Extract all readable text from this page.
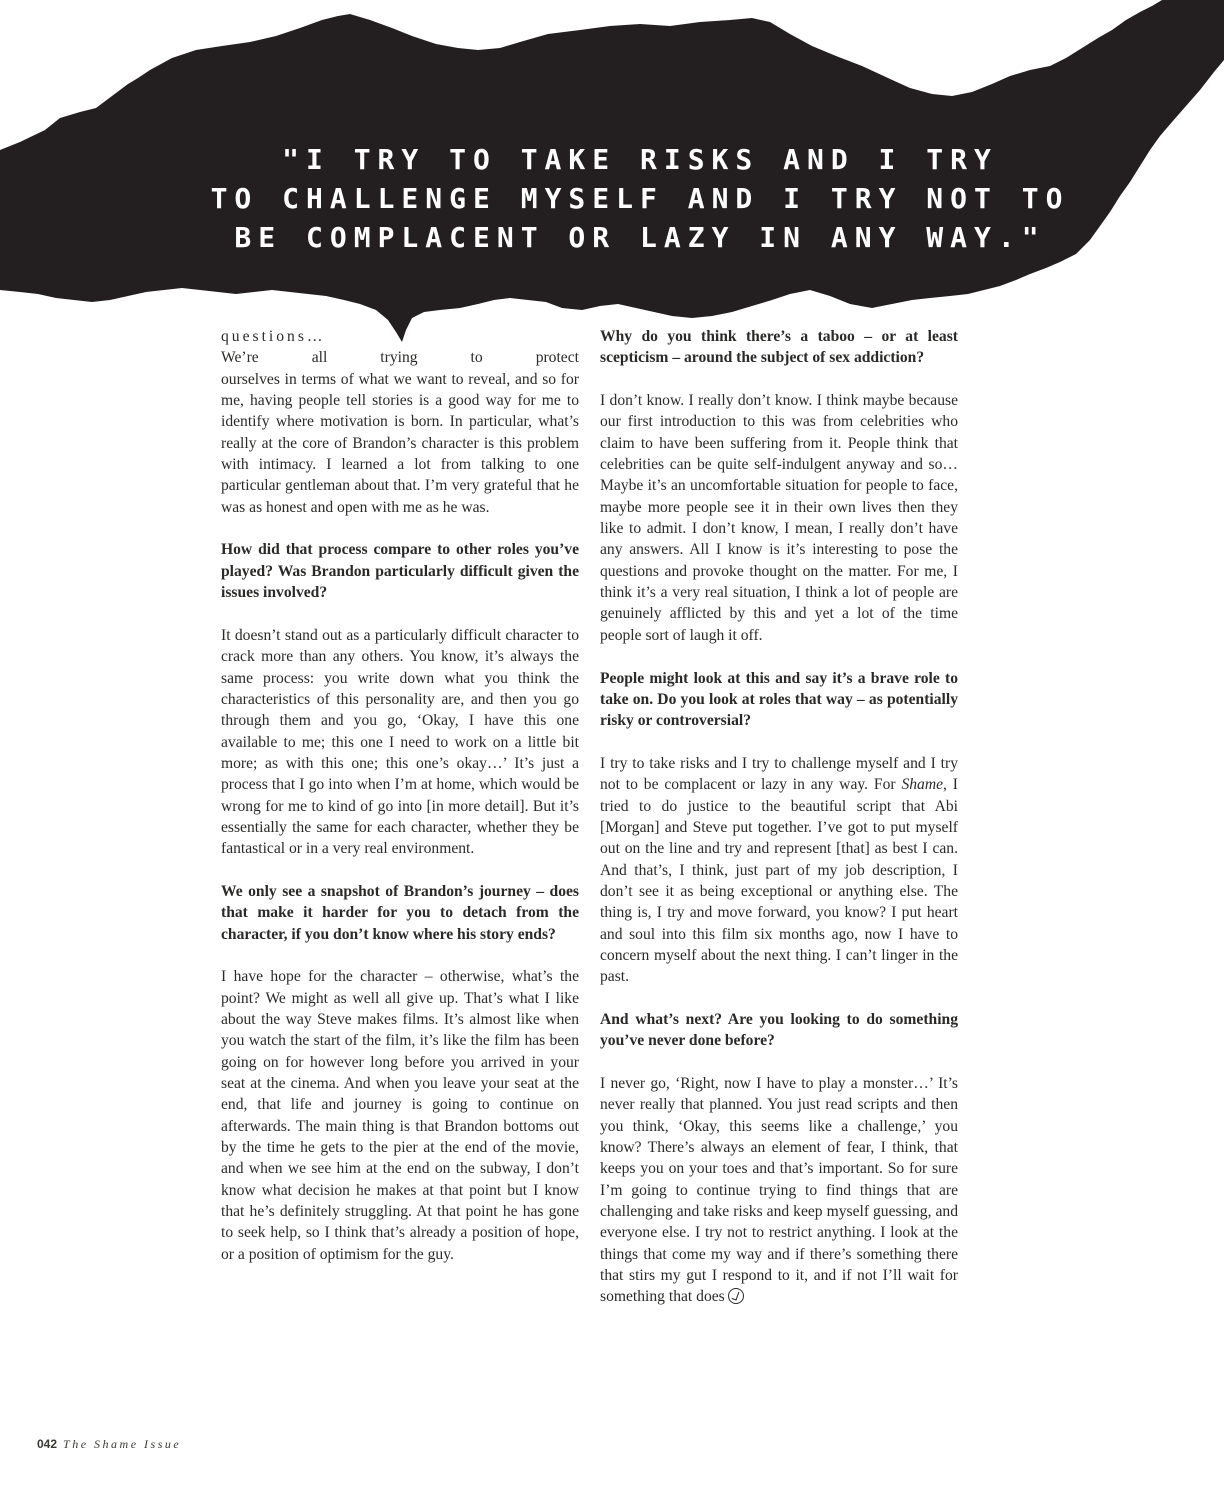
"I TRY TO TAKE RISKS AND I TRY
TO CHALLENGE MYSELF AND I TRY NOT TO
BE COMPLACENT OR LAZY IN ANY WAY."
questions…
We’re all trying to protect
ourselves in terms of what we want to reveal, and so for me, having people tell stories is a good way for me to identify where motivation is born. In particular, what’s really at the core of Brandon’s character is this problem with intimacy. I learned a lot from talking to one particular gentleman about that. I’m very grateful that he was as honest and open with me as he was.

How did that process compare to other roles you’ve played? Was Brandon particularly difficult given the issues involved?

It doesn’t stand out as a particularly difficult character to crack more than any others. You know, it’s always the same process: you write down what you think the characteristics of this personality are, and then you go through them and you go, ‘Okay, I have this one available to me; this one I need to work on a little bit more; as with this one; this one’s okay…’ It’s just a process that I go into when I’m at home, which would be wrong for me to kind of go into [in more detail]. But it’s essentially the same for each character, whether they be fantastical or in a very real environment.

We only see a snapshot of Brandon’s journey – does that make it harder for you to detach from the character, if you don’t know where his story ends?

I have hope for the character – otherwise, what’s the point? We might as well all give up. That’s what I like about the way Steve makes films. It’s almost like when you watch the start of the film, it’s like the film has been going on for however long before you arrived in your seat at the cinema. And when you leave your seat at the end, that life and journey is going to continue on afterwards. The main thing is that Brandon bottoms out by the time he gets to the pier at the end of the movie, and when we see him at the end on the subway, I don’t know what decision he makes at that point but I know that he’s definitely struggling. At that point he has gone to seek help, so I think that’s already a position of hope, or a position of optimism for the guy.

Why do you think there’s a taboo – or at least scepticism – around the subject of sex addiction?

I don’t know. I really don’t know. I think maybe because our first introduction to this was from celebrities who claim to have been suffering from it. People think that celebrities can be quite self-indulgent anyway and so… Maybe it’s an uncomfortable situation for people to face, maybe more people see it in their own lives then they like to admit. I don’t know, I mean, I really don’t have any answers. All I know is it’s interesting to pose the questions and provoke thought on the matter. For me, I think it’s a very real situation, I think a lot of people are genuinely afflicted by this and yet a lot of the time people sort of laugh it off.

People might look at this and say it’s a brave role to take on. Do you look at roles that way – as potentially risky or controversial?

I try to take risks and I try to challenge myself and I try not to be complacent or lazy in any way. For Shame, I tried to do justice to the beautiful script that Abi [Morgan] and Steve put together. I’ve got to put myself out on the line and try and represent [that] as best I can. And that’s, I think, just part of my job description, I don’t see it as being exceptional or anything else. The thing is, I try and move forward, you know? I put heart and soul into this film six months ago, now I have to concern myself about the next thing. I can’t linger in the past.

And what’s next? Are you looking to do something you’ve never done before?

I never go, ‘Right, now I have to play a monster…’ It’s never really that planned. You just read scripts and then you think, ‘Okay, this seems like a challenge,’ you know? There’s always an element of fear, I think, that keeps you on your toes and that’s important. So for sure I’m going to continue trying to find things that are challenging and take risks and keep myself guessing, and everyone else. I try not to restrict anything. I look at the things that come my way and if there’s something there that stirs my gut I respond to it, and if not I’ll wait for something that does

042 The Shame Issue
